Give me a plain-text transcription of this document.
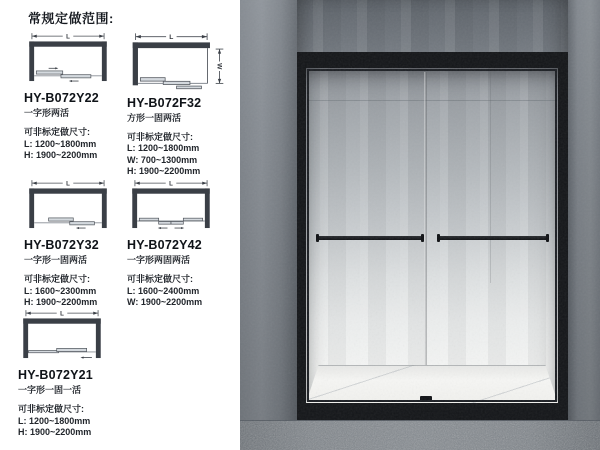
常规定做范围:
L
HY-B072Y22
一字形两活
可非标定做尺寸:
L: 1200~1800mm
H: 1900~2200mm
L
W
HY-B072F32
方形一固两活
可非标定做尺寸:
L: 1200~1800mm
W: 700~1300mm
H: 1900~2200mm
L
HY-B072Y32
一字形一固两活
可非标定做尺寸:
L: 1600~2300mm
H: 1900~2200mm
L
HY-B072Y42
一字形两固两活
可非标定做尺寸:
L: 1600~2400mm
W: 1900~2200mm
L
HY-B072Y21
一字形一固一活
可非标定做尺寸:
L: 1200~1800mm
H: 1900~2200mm
